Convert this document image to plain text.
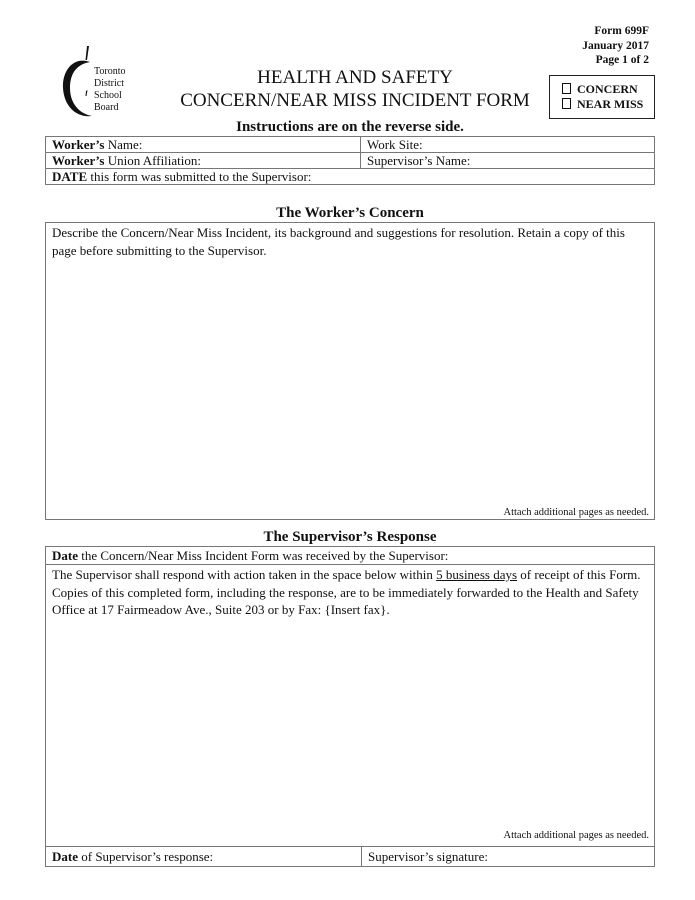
Form 699F
January 2017
Page 1 of 2
Toronto
District
School
Board
HEALTH AND SAFETY
CONCERN/NEAR MISS INCIDENT FORM
CONCERN
NEAR MISS
Instructions are on the reverse side.
Worker’s Name:	Work Site:
Worker’s Union Affiliation:	Supervisor’s Name:
DATE this form was submitted to the Supervisor:
The Worker’s Concern
Describe the Concern/Near Miss Incident, its background and suggestions for resolution. Retain a copy of this page before submitting to the Supervisor.
Attach additional pages as needed.
The Supervisor’s Response
Date the Concern/Near Miss Incident Form was received by the Supervisor:
The Supervisor shall respond with action taken in the space below within 5 business days of receipt of this Form. Copies of this completed form, including the response, are to be immediately forwarded to the Health and Safety Office at 17 Fairmeadow Ave., Suite 203 or by Fax: {Insert fax}.
Attach additional pages as needed.
Date of Supervisor’s response:	Supervisor’s signature:
